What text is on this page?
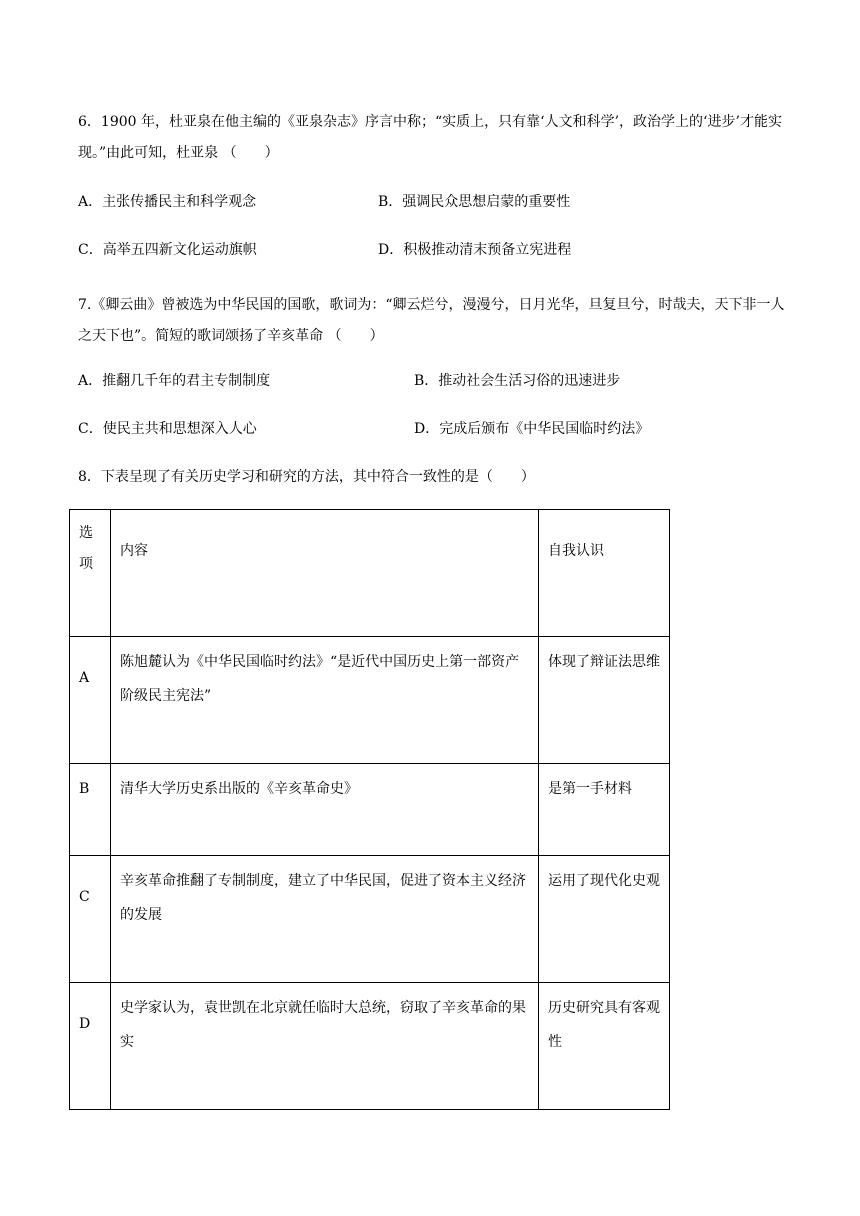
6．1900 年，杜亚泉在他主编的《亚泉杂志》序言中称；“实质上，只有靠‘人文和科学’，政治学上的‘进步’才能实现。”由此可知，杜亚泉 （　　）
A．主张传播民主和科学观念	B．强调民众思想启蒙的重要性
C．高举五四新文化运动旗帜	D．积极推动清末预备立宪进程
7.《卿云曲》曾被选为中华民国的国歌，歌词为：“卿云烂兮，漫漫兮，日月光华，旦复旦兮，时哉夫，天下非一人之天下也”。简短的歌词颂扬了辛亥革命 （　　）
A．推翻几千年的君主专制制度	B．推动社会生活习俗的迅速进步
C．使民主共和思想深入人心	D．完成后颁布《中华民国临时约法》
8．下表呈现了有关历史学习和研究的方法，其中符合一致性的是（　　）
选项	内容	自我认识
A	陈旭麓认为《中华民国临时约法》“是近代中国历史上第一部资产阶级民主宪法”	体现了辩证法思维
B	清华大学历史系出版的《辛亥革命史》	是第一手材料
C	辛亥革命推翻了专制制度，建立了中华民国，促进了资本主义经济的发展	运用了现代化史观
D	史学家认为，袁世凯在北京就任临时大总统，窃取了辛亥革命的果实	历史研究具有客观性
